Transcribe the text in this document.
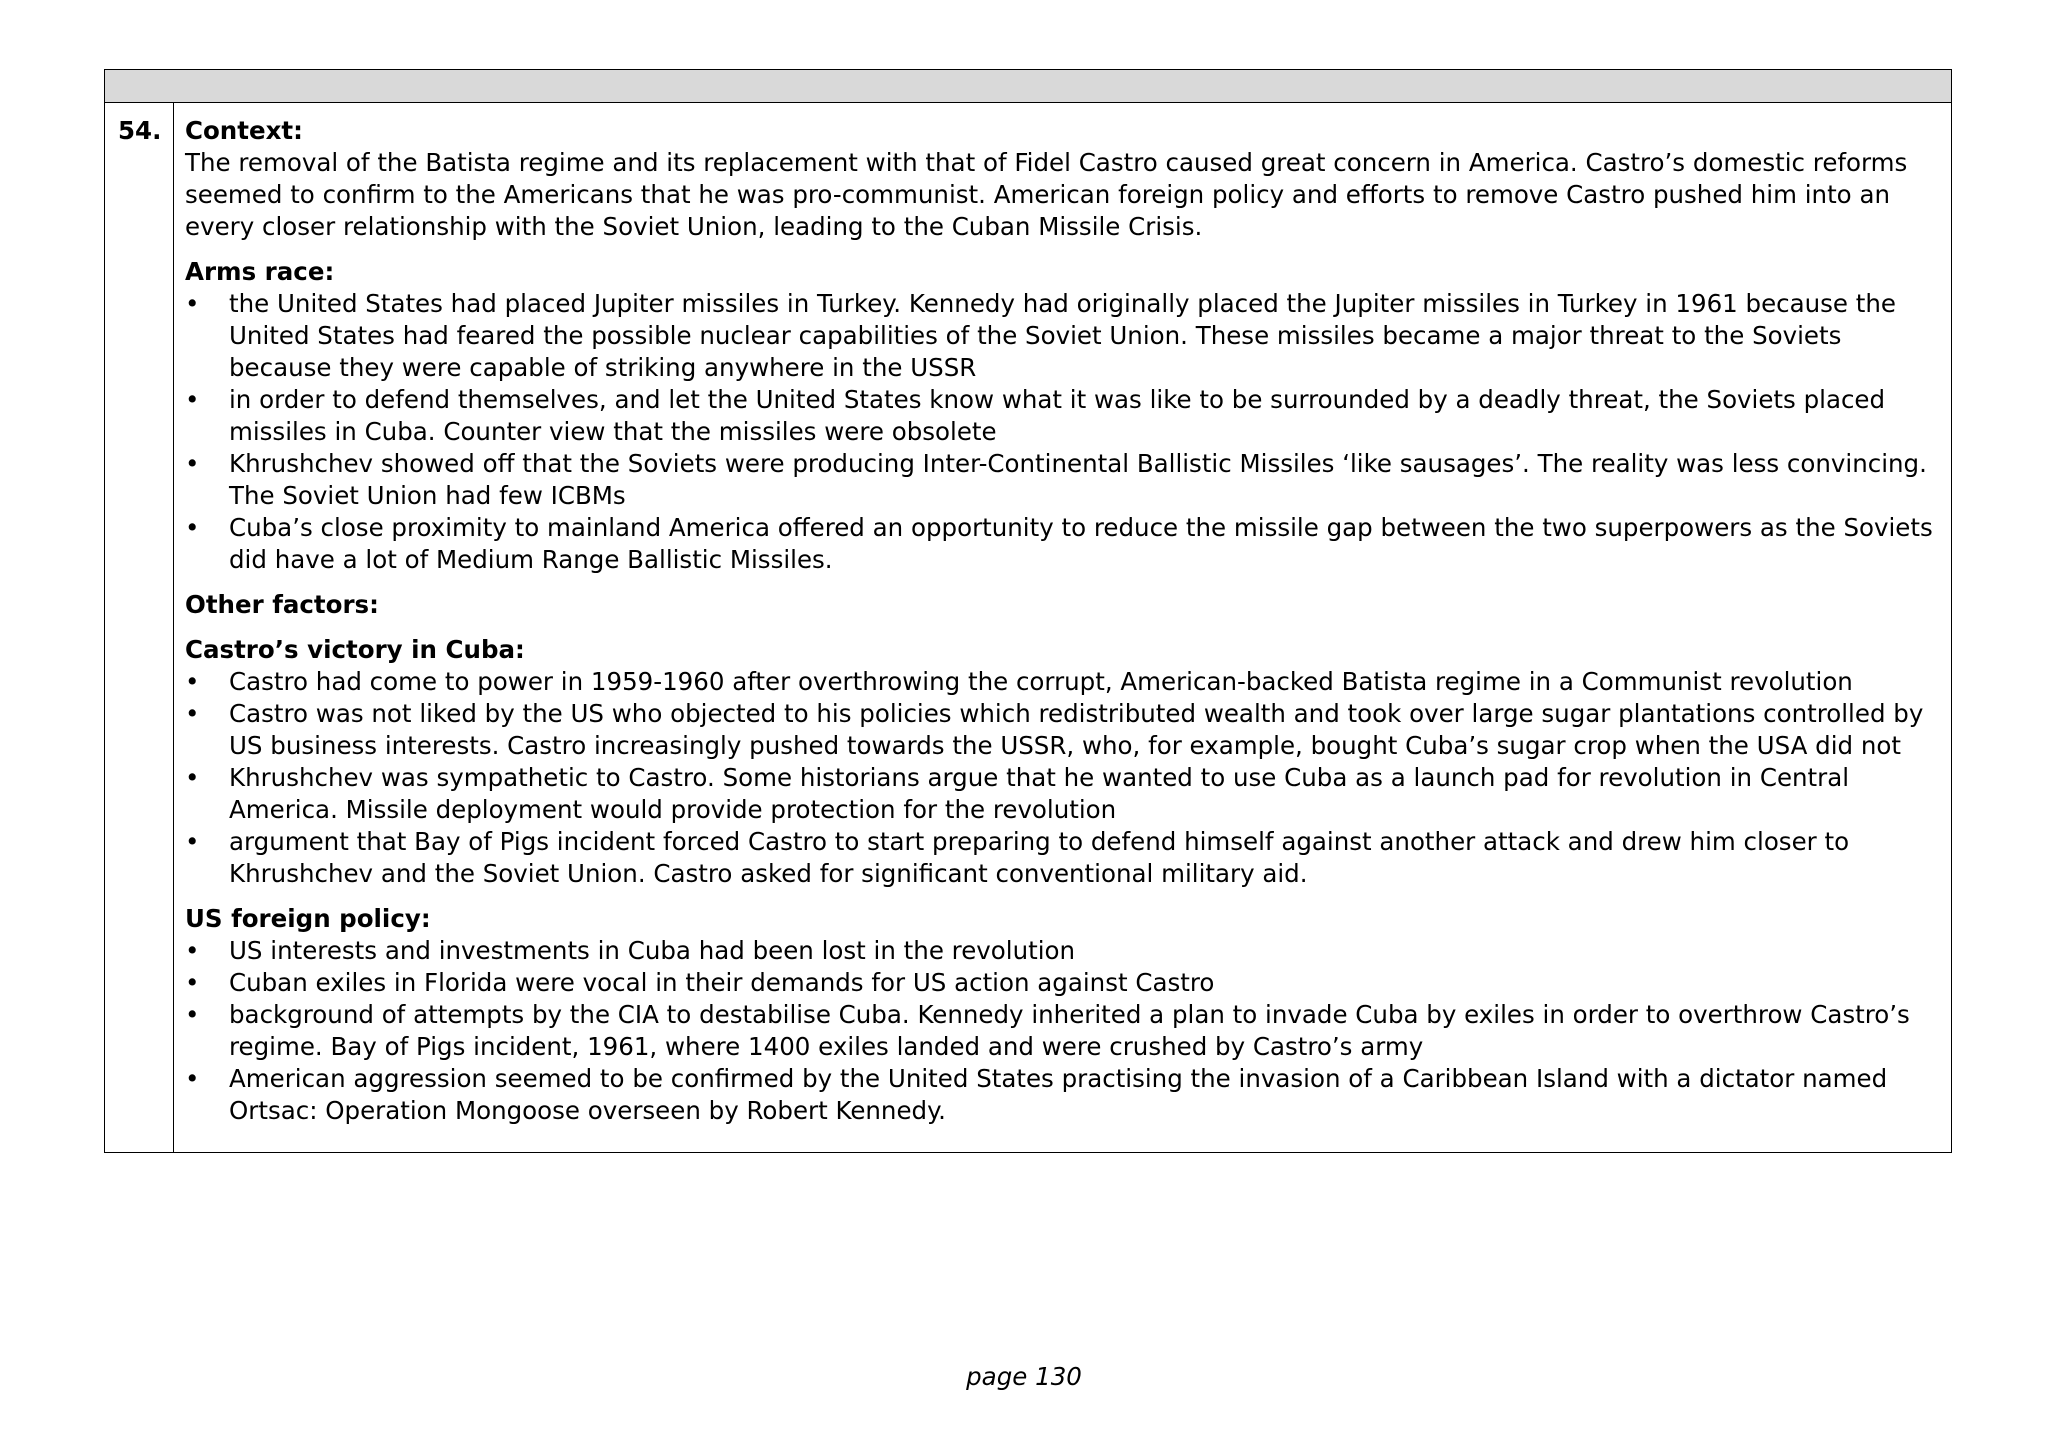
54. Context:

The removal of the Batista regime and its replacement with that of Fidel Castro caused great concern in America. Castro’s domestic reforms seemed to confirm to the Americans that he was pro-communist. American foreign policy and efforts to remove Castro pushed him into an every closer relationship with the Soviet Union, leading to the Cuban Missile Crisis.

Arms race:

• the United States had placed Jupiter missiles in Turkey. Kennedy had originally placed the Jupiter missiles in Turkey in 1961 because the United States had feared the possible nuclear capabilities of the Soviet Union. These missiles became a major threat to the Soviets because they were capable of striking anywhere in the USSR
• in order to defend themselves, and let the United States know what it was like to be surrounded by a deadly threat, the Soviets placed missiles in Cuba. Counter view that the missiles were obsolete
• Khrushchev showed off that the Soviets were producing Inter-Continental Ballistic Missiles ‘like sausages’. The reality was less convincing. The Soviet Union had few ICBMs
• Cuba’s close proximity to mainland America offered an opportunity to reduce the missile gap between the two superpowers as the Soviets did have a lot of Medium Range Ballistic Missiles.

Other factors:

Castro’s victory in Cuba:

• Castro had come to power in 1959-1960 after overthrowing the corrupt, American-backed Batista regime in a Communist revolution
• Castro was not liked by the US who objected to his policies which redistributed wealth and took over large sugar plantations controlled by US business interests. Castro increasingly pushed towards the USSR, who, for example, bought Cuba’s sugar crop when the USA did not
• Khrushchev was sympathetic to Castro. Some historians argue that he wanted to use Cuba as a launch pad for revolution in Central America. Missile deployment would provide protection for the revolution
• argument that Bay of Pigs incident forced Castro to start preparing to defend himself against another attack and drew him closer to Khrushchev and the Soviet Union. Castro asked for significant conventional military aid.

US foreign policy:

• US interests and investments in Cuba had been lost in the revolution
• Cuban exiles in Florida were vocal in their demands for US action against Castro
• background of attempts by the CIA to destabilise Cuba. Kennedy inherited a plan to invade Cuba by exiles in order to overthrow Castro’s regime. Bay of Pigs incident, 1961, where 1400 exiles landed and were crushed by Castro’s army
• American aggression seemed to be confirmed by the United States practising the invasion of a Caribbean Island with a dictator named Ortsac: Operation Mongoose overseen by Robert Kennedy.
page 130
